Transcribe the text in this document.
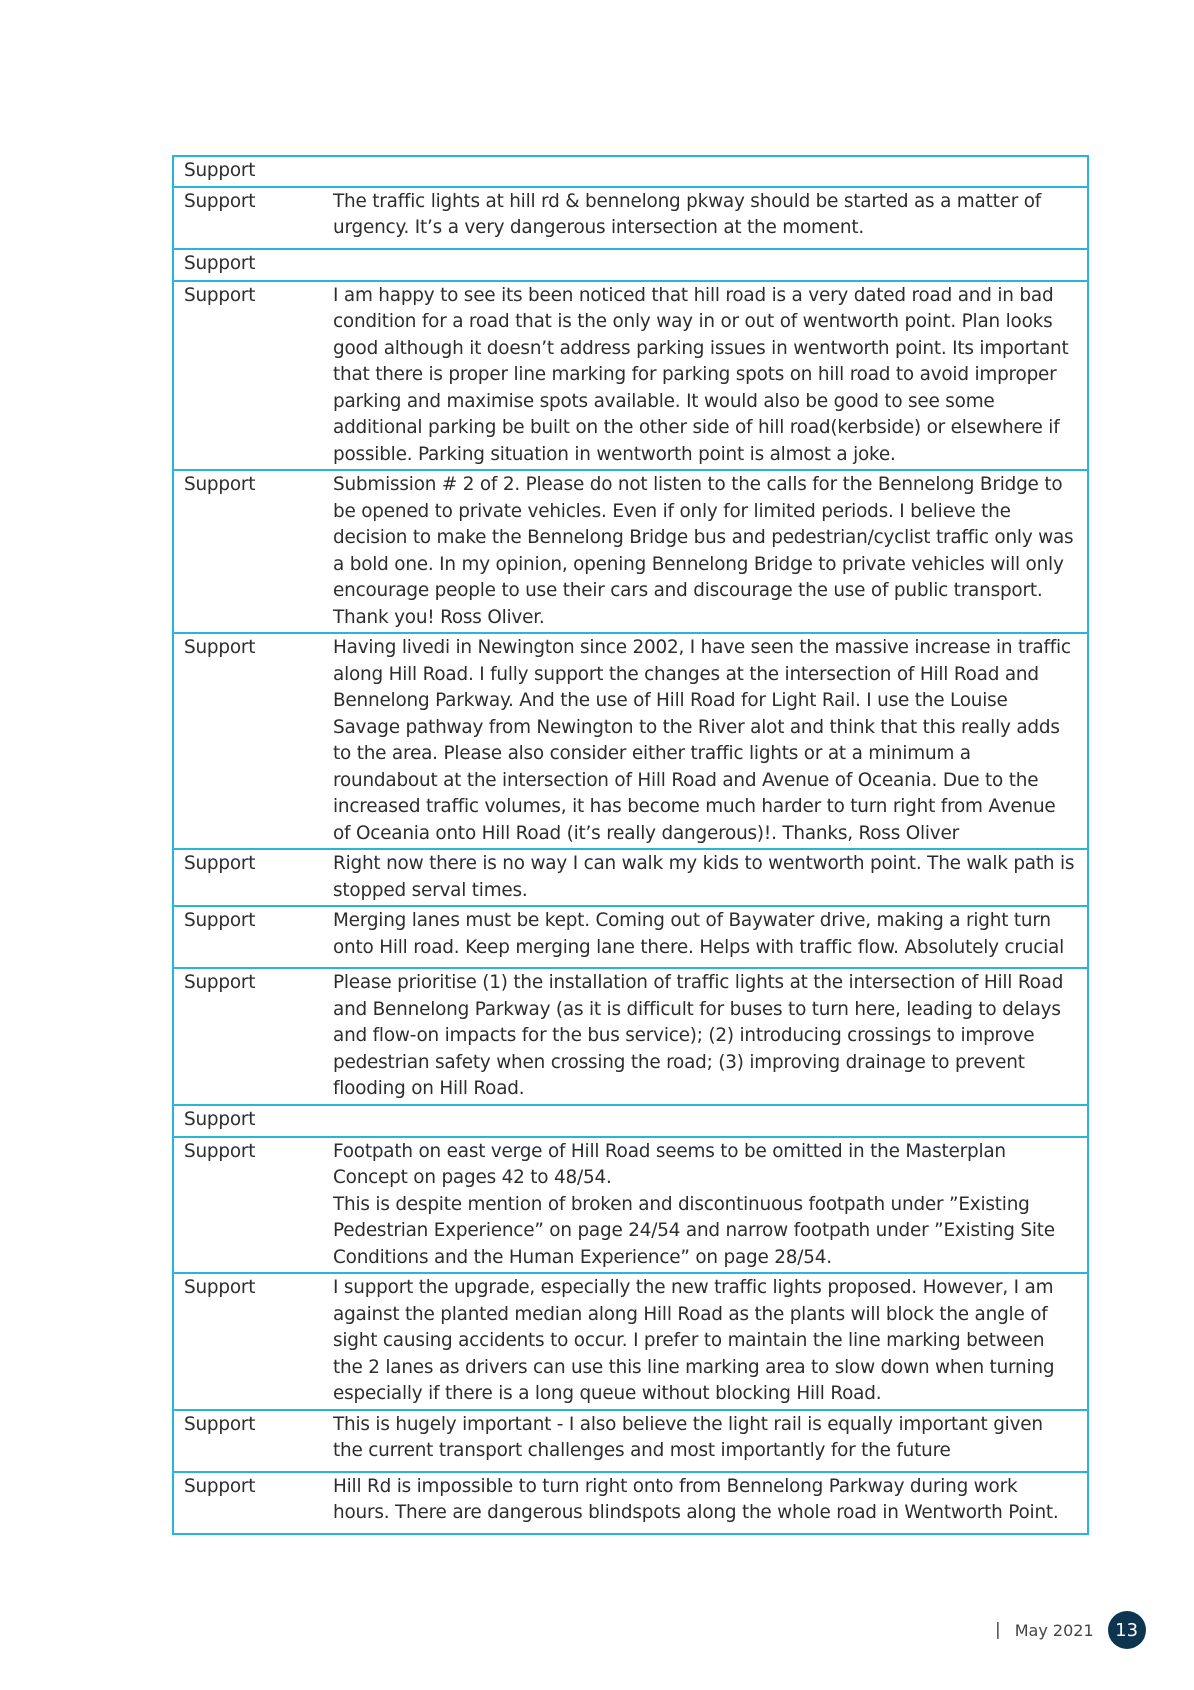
Support	
Support	The traffic lights at hill rd & bennelong pkway should be started as a matter of urgency. It’s a very dangerous intersection at the moment.
Support	
Support	I am happy to see its been noticed that hill road is a very dated road and in bad condition for a road that is the only way in or out of wentworth point. Plan looks good although it doesn’t address parking issues in wentworth point. Its important that there is proper line marking for parking spots on hill road to avoid improper parking and maximise spots available. It would also be good to see some additional parking be built on the other side of hill road(kerbside) or elsewhere if possible. Parking situation in wentworth point is almost a joke.
Support	Submission # 2 of 2. Please do not listen to the calls for the Bennelong Bridge to be opened to private vehicles. Even if only for limited periods. I believe the decision to make the Bennelong Bridge bus and pedestrian/cyclist traffic only was a bold one. In my opinion, opening Bennelong Bridge to private vehicles will only encourage people to use their cars and discourage the use of public transport. Thank you! Ross Oliver.
Support	Having livedi in Newington since 2002, I have seen the massive increase in traffic along Hill Road. I fully support the changes at the intersection of Hill Road and Bennelong Parkway. And the use of Hill Road for Light Rail. I use the Louise Savage pathway from Newington to the River alot and think that this really adds to the area. Please also consider either traffic lights or at a minimum a roundabout at the intersection of Hill Road and Avenue of Oceania. Due to the increased traffic volumes, it has become much harder to turn right from Avenue of Oceania onto Hill Road (it’s really dangerous)!. Thanks, Ross Oliver
Support	Right now there is no way I can walk my kids to wentworth point. The walk path is stopped serval times.
Support	Merging lanes must be kept. Coming out of Baywater drive, making a right turn onto Hill road. Keep merging lane there. Helps with traffic flow. Absolutely crucial
Support	Please prioritise (1) the installation of traffic lights at the intersection of Hill Road and Bennelong Parkway (as it is difficult for buses to turn here, leading to delays and flow-on impacts for the bus service); (2) introducing crossings to improve pedestrian safety when crossing the road; (3) improving drainage to prevent flooding on Hill Road.
Support	
Support	Footpath on east verge of Hill Road seems to be omitted in the Masterplan Concept on pages 42 to 48/54.
This is despite mention of broken and discontinuous footpath under ”Existing Pedestrian Experience” on page 24/54 and narrow footpath under ”Existing Site Conditions and the Human Experience” on page 28/54.

Support	I support the upgrade, especially the new traffic lights proposed. However, I am against the planted median along Hill Road as the plants will block the angle of sight causing accidents to occur. I prefer to maintain the line marking between the 2 lanes as drivers can use this line marking area to slow down when turning especially if there is a long queue without blocking Hill Road.
Support	This is hugely important - I also believe the light rail is equally important given the current transport challenges and most importantly for the future
Support	Hill Rd is impossible to turn right onto from Bennelong Parkway during work hours. There are dangerous blindspots along the whole road in Wentworth Point.
| May 2021	13
